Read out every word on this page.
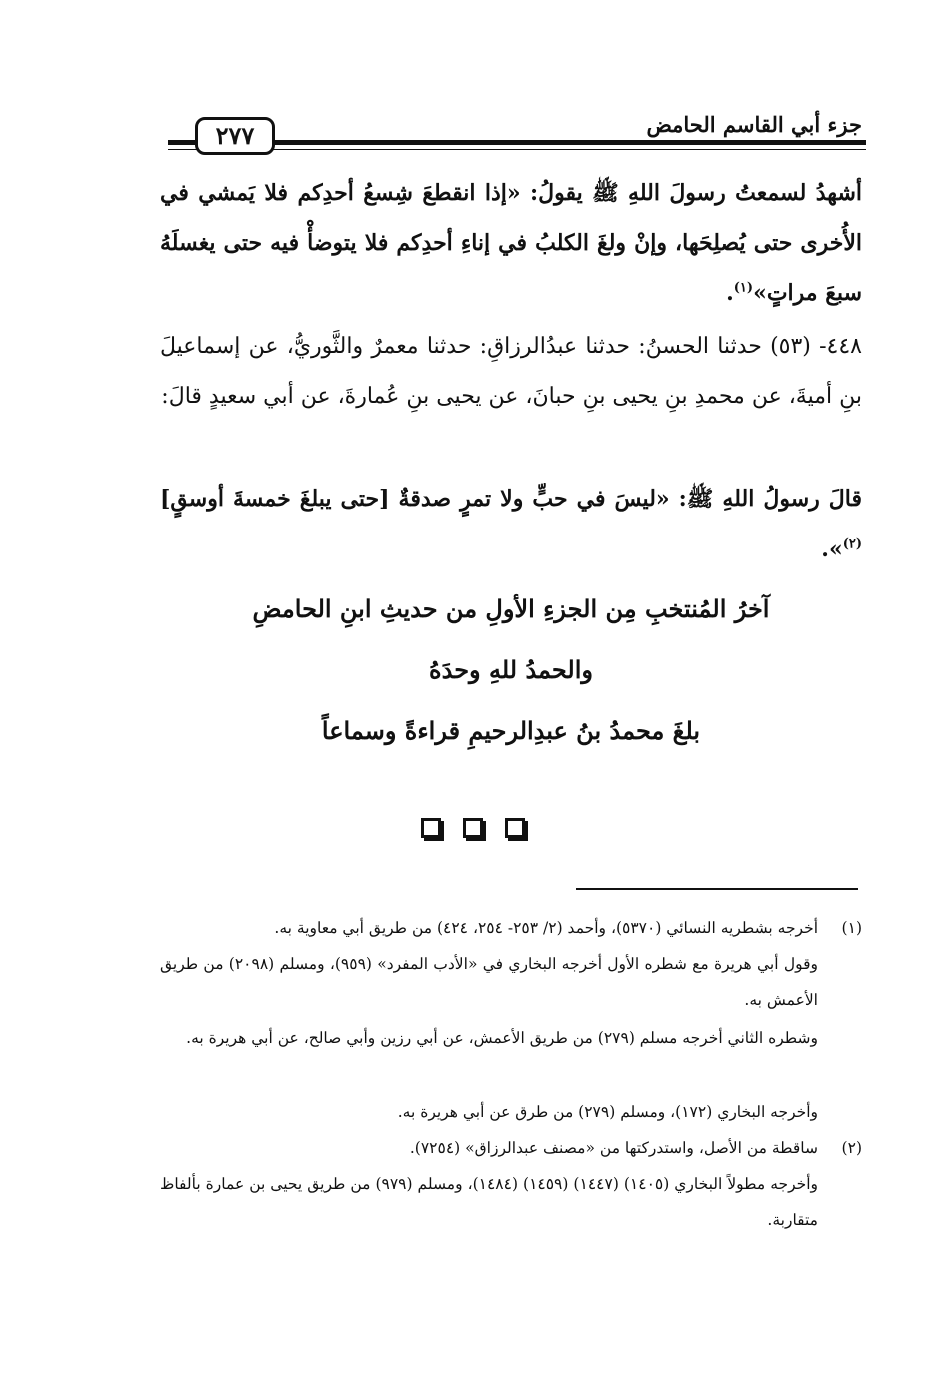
جزء أبي القاسم الحامض
٢٧٧
أشهدُ لسمعتُ رسولَ اللهِ ﷺ يقولُ: «إذا انقطعَ شِسعُ أحدِكم فلا يَمشي في الأُخرى حتى يُصلِحَها، وإنْ ولغَ الكلبُ في إناءِ أحدِكم فلا يتوضأْ فيه حتى يغسلَهُ سبعَ مراتٍ»$^{(١)}$.
٤٤٨- (٥٣) حدثنا الحسنُ: حدثنا عبدُالرزاقِ: حدثنا معمرٌ والثَّوريُّ، عن إسماعيلَ بنِ أميةَ، عن محمدِ بنِ يحيى بنِ حبانَ، عن يحيى بنِ عُمارةَ، عن أبي سعيدٍ قالَ:
قالَ رسولُ اللهِ ﷺ: «ليسَ في حبٍّ ولا تمرٍ صدقةٌ [حتى يبلغَ خمسةَ أوسقٍ]$^{(٢)}$».
آخرُ المُنتخبِ مِن الجزءِ الأولِ من حديثِ ابنِ الحامضِ
والحمدُ للهِ وحدَهُ
بلغَ محمدُ بنُ عبدِالرحيمِ قراءةً وسماعاً
(١)
أخرجه بشطريه النسائي (٥٣٧٠)، وأحمد (٢/ ٢٥٣- ٢٥٤، ٤٢٤) من طريق أبي معاوية به.
وقول أبي هريرة مع شطره الأول أخرجه البخاري في «الأدب المفرد» (٩٥٩)، ومسلم (٢٠٩٨) من طريق الأعمش به.
وشطره الثاني أخرجه مسلم (٢٧٩) من طريق الأعمش، عن أبي رزين وأبي صالح، عن أبي هريرة به.
وأخرجه البخاري (١٧٢)، ومسلم (٢٧٩) من طرق عن أبي هريرة به.
(٢)
ساقطة من الأصل، واستدركتها من «مصنف عبدالرزاق» (٧٢٥٤).
وأخرجه مطولاً البخاري (١٤٠٥) (١٤٤٧) (١٤٥٩) (١٤٨٤)، ومسلم (٩٧٩) من طريق يحيى بن عمارة بألفاظ متقاربة.
